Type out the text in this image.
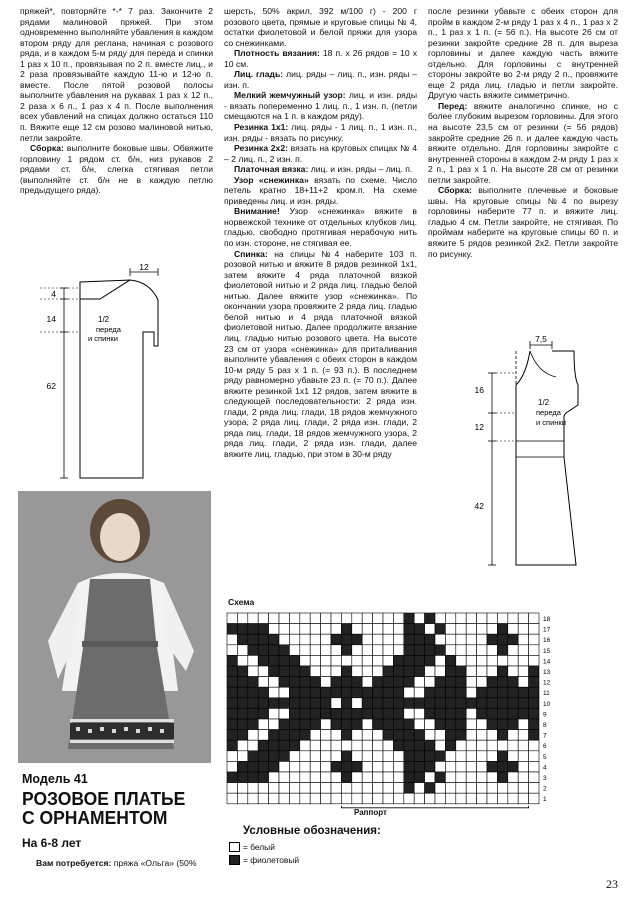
пряжей*, повторяйте *-* 7 раз. Закончите 2 рядами малиновой пряжей. При этом одновременно выполняйте убавления в каждом втором ряду для реглана, начиная с розового ряда, и в каждом 5-м ряду для переда и спинки 1 раз х 10 п., провязывая по 2 п. вместе лиц., и 2 раза провязывайте каждую 11-ю и 12-ю п. вместе. После пятой розовой полосы выполните убавления на рукавах 1 раз х 12 п., 2 раза х 6 п., 1 раз х 4 п. После выполнения всех убавлений на спицах должно остаться 110 п. Вяжите еще 12 см розово малиновой нитью, петли закройте.

Сборка: выполните боковые швы. Обвяжите горловину 1 рядом ст. б/н, низ рукавов 2 рядами ст. б/н, слегка стягивая петли (выполняйте ст. б/н не в каждую петлю предыдущего ряда).

шерсть, 50% акрил, 392 м/100 г) - 200 г розового цвета, прямые и круговые спицы № 4, остатки фиолетовой и белой пряжи для узора со снежинками.

Плотность вязания: 18 п. х 26 рядов = 10 х 10 см.

Лиц. гладь: лиц. ряды – лиц. п., изн. ряды – изн. п.

Мелкий жемчужный узор: лиц. и изн. ряды - вязать попеременно 1 лиц. п., 1 изн. п. (петли смещаются на 1 п. в каждом ряду).

Резинка 1х1: лиц. ряды - 1 лиц. п., 1 изн. п., изн. ряды - вязать по рисунку.

Резинка 2х2: вязать на круговых спицах № 4 – 2 лиц. п., 2 изн. п.

Платочная вязка: лиц. и изн. ряды – лиц. п.

Узор «снежинка» вязать по схеме. Число петель кратно 18+11+2 кром.п. На схеме приведены лиц. и изн. ряды.

Внимание! Узор «снежинка» вяжите в норвежской технике от отдельных клубков лиц. гладью, свободно протягивая нерабочую нить по изн. стороне, не стягивая ее.

Спинка: на спицы №4 наберите 103 п. розовой нитью и вяжите 8 рядов резинкой 1х1, затем вяжите 4 ряда платочной вязкой фиолетовой нитью и 2 ряда лиц. гладью белой нитью. Далее вяжите узор «снежинка». По окончании узора провяжите 2 ряда лиц. гладью белой нитью и 4 ряда платочной вязкой фиолетовой нитью. Далее продолжите вязание лиц. гладью нитью розового цвета. На высоте 23 см от узора «снежинка» для приталивания выполните убавления с обеих сторон в каждом 10-м ряду 5 раз х 1 п. (= 93 п.). В последнем ряду равномерно убавьте 23 п. (= 70 п.). Далее вяжите резинкой 1х1 12 рядов, затем вяжите в следующей последовательности: 2 ряда изн. глади, 2 ряда лиц. глади, 18 рядов жемчужного узора, 2 ряда лиц. глади, 2 ряда изн. глади, 2 ряда лиц. глади, 18 рядов жемчужного узора, 2 ряда лиц. глади, 2 ряда изн. глади, далее вяжите лиц. гладью, при этом в 30-м ряду

после резинки убавьте с обеих сторон для пройм в каждом 2-м ряду 1 раз х 4 п., 1 раз х 2 п., 1 раз х 1 п. (= 56 п.). На высоте 26 см от резинки закройте средние 28 п. для выреза горловины и далее каждую часть вяжите отдельно. Для горловины с внутренней стороны закройте во 2-м ряду 2 п., провяжите еще 2 ряда лиц. гладью и петли закройте. Другую часть вяжите симметрично.

Перед: вяжите аналогично спинке, но с более глубоким вырезом горловины. Для этого на высоте 23,5 см от резинки (= 56 рядов) закройте средние 26 п. и далее каждую часть вяжите отдельно. Для горловины закройте с внутренней стороны в каждом 2-м ряду 1 раз х 2 п., 1 раз х 1 п. На высоте 28 см от резинки петли закройте.

Сборка: выполните плечевые и боковые швы. На круговые спицы №4 по вырезу горловины наберите 77 п. и вяжите лиц. гладью 4 см. Петли закройте, не стягивая. По проймам наберите на круговые спицы 60 п. и вяжите 5 рядов резинкой 2х2. Петли закройте по рисунку.

12
4
14
62
1/2
переда
и спинки	7,5
16
12
42
1/2
переда
и спинки

Модель 41

РОЗОВОЕ ПЛАТЬЕ

С ОРНАМЕНТОМ

На 6-8 лет

Вам потребуется: пряжа «Ольга» (50%
Схема
1
2
3
4
5
6
7
8
9
10
11
12
13
14
15
16
17
18
Раппорт
Условные обозначения:
= белый
= фиолетовый
23
